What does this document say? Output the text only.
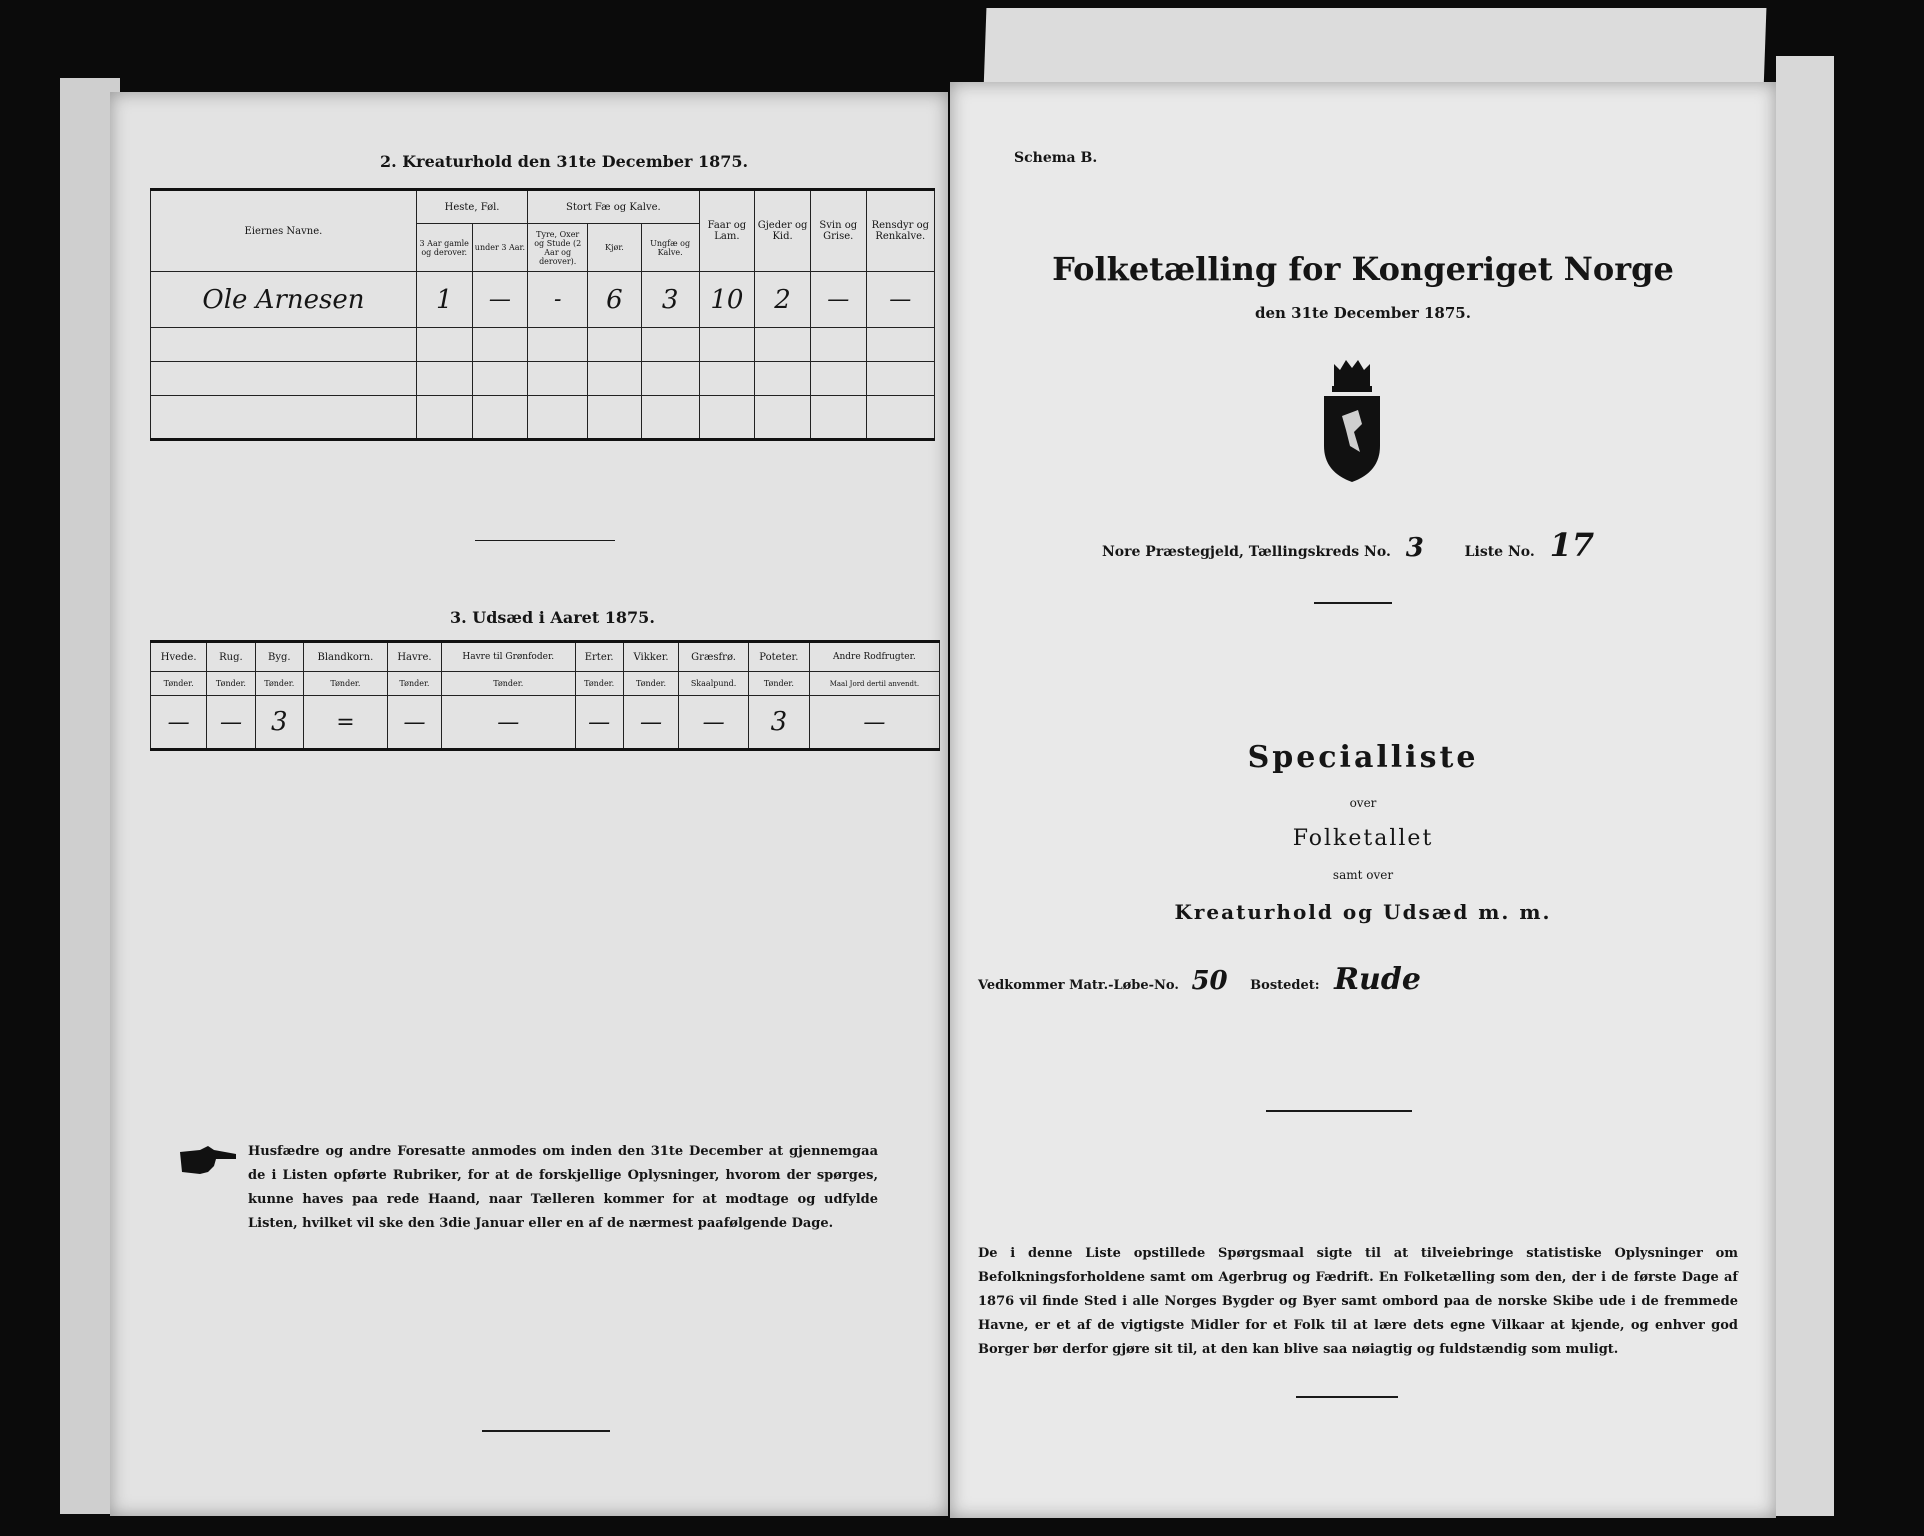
2. Kreaturhold den 31te December 1875.
Eiernes Navne.	Heste, Føl.		Stort Fæ og Kalve.			Faar og Lam.	Gjeder og Kid.	Svin og Grise.	Rensdyr og Renkalve.
	3 Aar gamle og derover.	under 3 Aar.	Tyre, Oxer og Stude (2 Aar og derover).	Kjør.	Ungfæ og Kalve.				
Ole Arnesen	1	—	-	6	3	10	2	—	—

3. Udsæd i Aaret 1875.
Hvede.	Rug.	Byg.	Blandkorn.	Havre.	Havre til Grønfoder.	Erter.	Vikker.	Græsfrø.	Poteter.	Andre Rodfrugter.
Tønder.	Tønder.	Tønder.	Tønder.	Tønder.	Tønder.	Tønder.	Tønder.	Skaalpund.	Tønder.	Maal Jord dertil anvendt.
—	—	3	=	—	—	—	—	—	3	—
Husfædre og andre Foresatte anmodes om inden den 31te December at gjennemgaa de i Listen opførte Rubriker, for at de forskjellige Oplysninger, hvorom der spørges, kunne haves paa rede Haand, naar Tælleren kommer for at modtage og udfylde Listen, hvilket vil ske den 3die Januar eller en af de nærmest paafølgende Dage.
Schema B.
Folketælling for Kongeriget Norge
den 31te December 1875.
Nore Præstegjeld, Tællingskreds No. 3	Liste No. 17
Specialliste
over
Folketallet
samt over
Kreaturhold og Udsæd m. m.
Vedkommer Matr.-Løbe-No. 50 Bostedet: Rude
De i denne Liste opstillede Spørgsmaal sigte til at tilveiebringe statistiske Oplysninger om Befolkningsforholdene samt om Agerbrug og Fædrift. En Folketælling som den, der i de første Dage af 1876 vil finde Sted i alle Norges Bygder og Byer samt ombord paa de norske Skibe ude i de fremmede Havne, er et af de vigtigste Midler for et Folk til at lære dets egne Vilkaar at kjende, og enhver god Borger bør derfor gjøre sit til, at den kan blive saa nøiagtig og fuldstændig som muligt.
